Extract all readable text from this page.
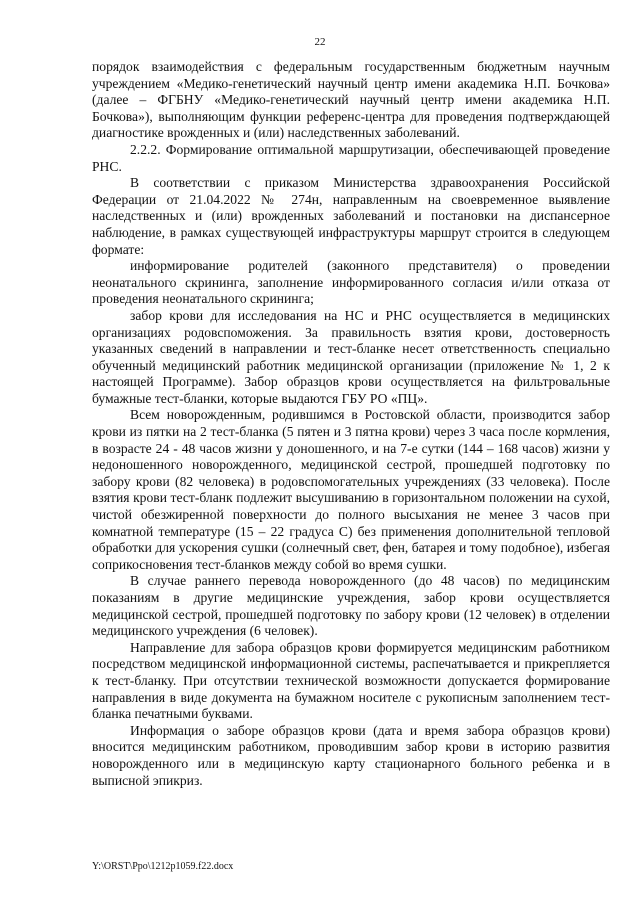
22

порядок взаимодействия с федеральным государственным бюджетным научным учреждением «Медико-генетический научный центр имени академика Н.П. Бочкова» (далее – ФГБНУ «Медико-генетический научный центр имени академика Н.П. Бочкова»), выполняющим функции референс-центра для проведения подтверждающей диагностике врожденных и (или) наследственных заболеваний.

2.2.2. Формирование оптимальной маршрутизации, обеспечивающей проведение РНС.

В соответствии с приказом Министерства здравоохранения Российской Федерации от 21.04.2022 № 274н, направленным на своевременное выявление наследственных и (или) врожденных заболеваний и постановки на диспансерное наблюдение, в рамках существующей инфраструктуры маршрут строится в следующем формате:

информирование родителей (законного представителя) о проведении неонатального скрининга, заполнение информированного согласия и/или отказа от проведения неонатального скрининга;

забор крови для исследования на НС и РНС осуществляется в медицинских организациях родовспоможения. За правильность взятия крови, достоверность указанных сведений в направлении и тест-бланке несет ответственность специально обученный медицинский работник медицинской организации (приложение № 1, 2 к настоящей Программе). Забор образцов крови осуществляется на фильтровальные бумажные тест-бланки, которые выдаются ГБУ РО «ПЦ».

Всем новорожденным, родившимся в Ростовской области, производится забор крови из пятки на 2 тест-бланка (5 пятен и 3 пятна крови) через 3 часа после кормления, в возрасте 24 - 48 часов жизни у доношенного, и на 7-е сутки (144 – 168 часов) жизни у недоношенного новорожденного, медицинской сестрой, прошедшей подготовку по забору крови (82 человека) в родовспомогательных учреждениях (33 человека). После взятия крови тест-бланк подлежит высушиванию в горизонтальном положении на сухой, чистой обезжиренной поверхности до полного высыхания не менее 3 часов при комнатной температуре (15 – 22 градуса С) без применения дополнительной тепловой обработки для ускорения сушки (солнечный свет, фен, батарея и тому подобное), избегая соприкосновения тест-бланков между собой во время сушки.

В случае раннего перевода новорожденного (до 48 часов) по медицинским показаниям в другие медицинские учреждения, забор крови осуществляется медицинской сестрой, прошедшей подготовку по забору крови (12 человек) в отделении медицинского учреждения (6 человек).

Направление для забора образцов крови формируется медицинским работником посредством медицинской информационной системы, распечатывается и прикрепляется к тест-бланку. При отсутствии технической возможности допускается формирование направления в виде документа на бумажном носителе с рукописным заполнением тест-бланка печатными буквами.

Информация о заборе образцов крови (дата и время забора образцов крови) вносится медицинским работником, проводившим забор крови в историю развития новорожденного или в медицинскую карту стационарного больного ребенка и в выписной эпикриз.

Y:\ORST\Ppo\1212p1059.f22.docx
